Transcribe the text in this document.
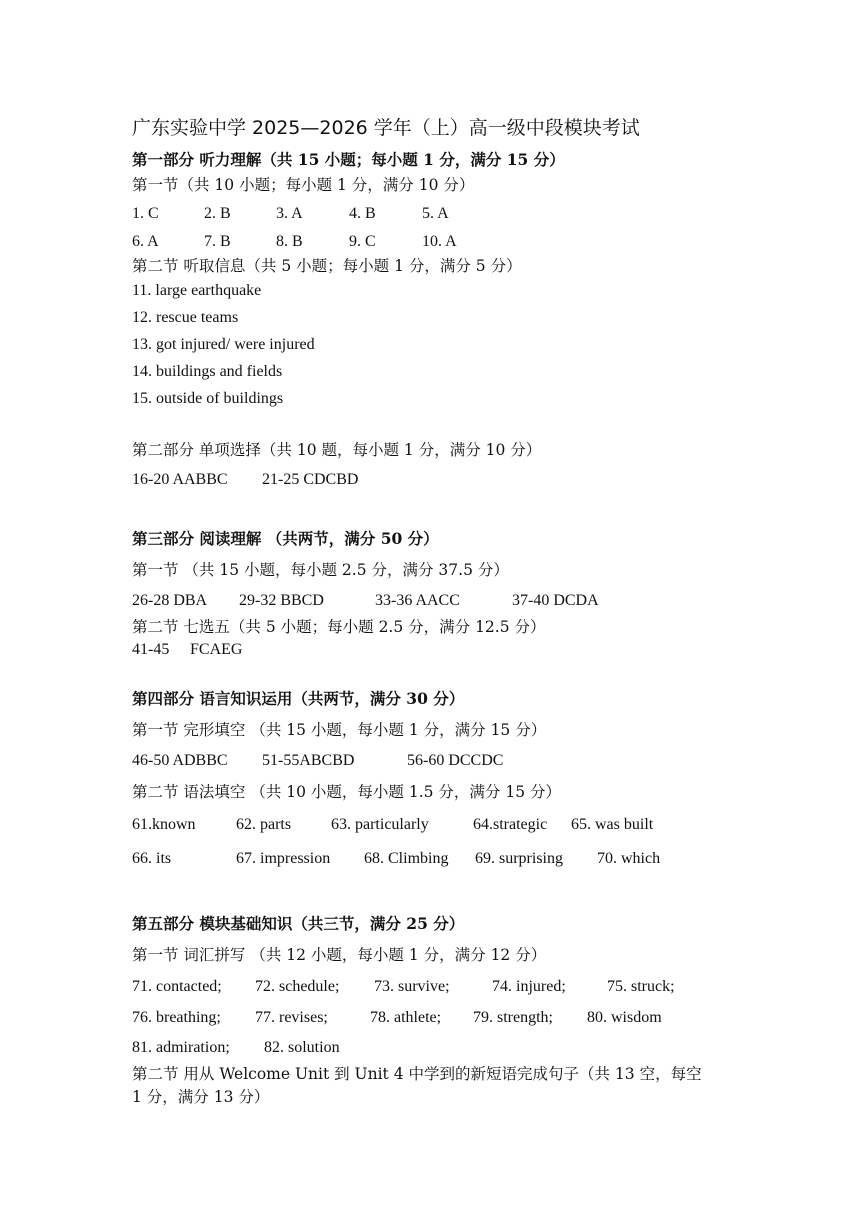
广东实验中学 2025—2026 学年（上）高一级中段模块考试
第一部分 听力理解（共 15 小题；每小题 1 分，满分 15 分）
第一节（共 10 小题；每小题 1 分，满分 10 分）
1. C	2. B	3. A	4. B	5. A
6. A	7. B	8. B	9. C	10. A
第二节 听取信息（共 5 小题；每小题 1 分，满分 5 分）
11. large earthquake
12. rescue teams
13. got injured/ were injured
14. buildings and fields
15. outside of buildings
第二部分 单项选择（共 10 题，每小题 1 分，满分 10 分）
16-20 AABBC 21-25 CDCBD
第三部分 阅读理解 （共两节，满分 50 分）
第一节 （共 15 小题，每小题 2.5 分，满分 37.5 分）
26-28 DBA 29-32 BBCD	33-36 AACC	37-40 DCDA
第二节 七选五（共 5 小题；每小题 2.5 分，满分 12.5 分）
41-45 FCAEG
第四部分 语言知识运用（共两节，满分 30 分）
第一节 完形填空 （共 15 小题，每小题 1 分，满分 15 分）
46-50 ADBBC 51-55ABCBD	56-60 DCCDC
第二节 语法填空 （共 10 小题，每小题 1.5 分，满分 15 分）
61.known	62. parts 63. particularly	64.strategic 65. was built
66. its	67. impression 68. Climbing 69. surprising 70. which
第五部分 模块基础知识（共三节，满分 25 分）
第一节 词汇拼写 （共 12 小题，每小题 1 分，满分 12 分）
71. contacted; 72. schedule; 73. survive;	74. injured;	75. struck;
76. breathing; 77. revises;	78. athlete; 79. strength; 80. wisdom
81. admiration; 82. solution
第二节 用从 Welcome Unit 到 Unit 4 中学到的新短语完成句子（共 13 空，每空
1 分，满分 13 分）
